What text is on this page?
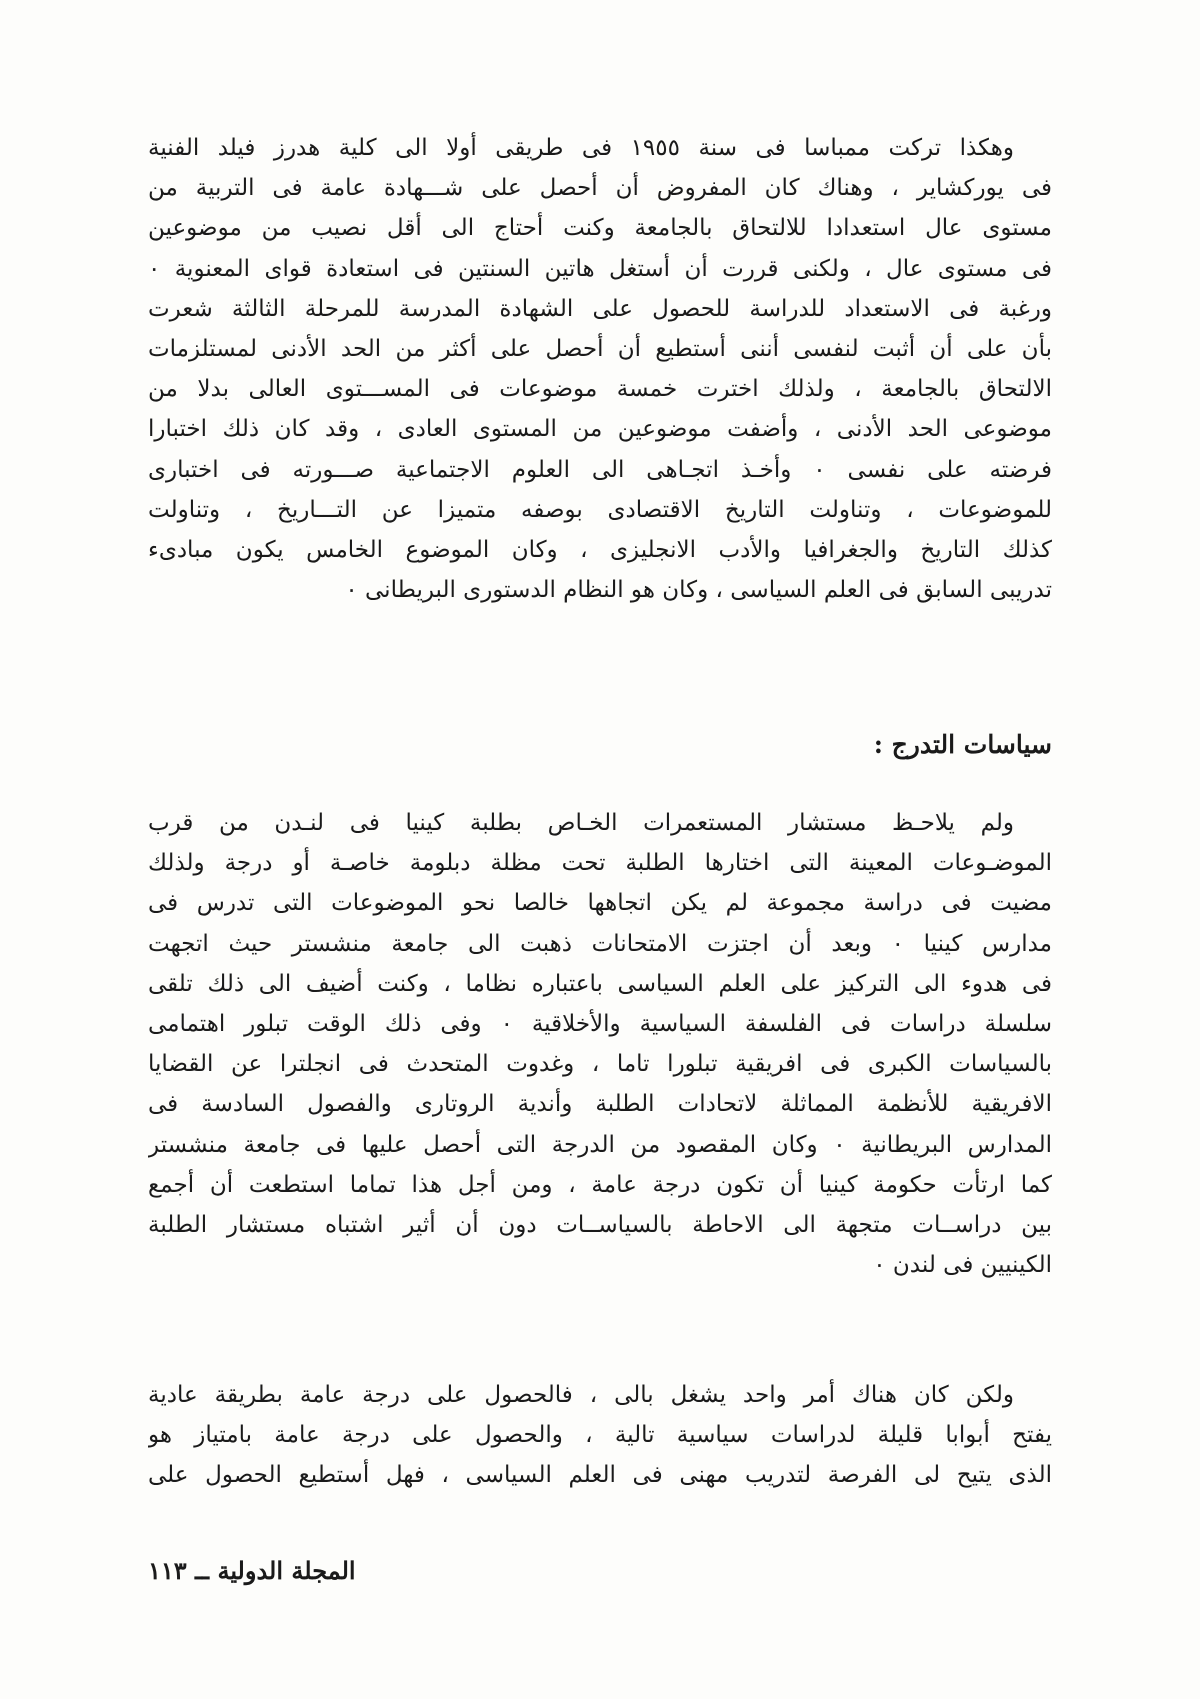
وهكذا تركت ممباسا فى سنة ١٩٥٥ فى طريقى أولا الى كلية هدرز فيلد الفنية
فى يوركشاير ، وهناك كان المفروض أن أحصل على شـــهادة عامة فى التربية من
مستوى عال استعدادا للالتحاق بالجامعة وكنت أحتاج الى أقل نصيب من موضوعين
فى مستوى عال ، ولكنى قررت أن أستغل هاتين السنتين فى استعادة قواى المعنوية ٠
ورغبة فى الاستعداد للدراسة للحصول على الشهادة المدرسة للمرحلة الثالثة شعرت
بأن على أن أثبت لنفسى أننى أستطيع أن أحصل على أكثر من الحد الأدنى لمستلزمات
الالتحاق بالجامعة ، ولذلك اخترت خمسة موضوعات فى المســـتوى العالى بدلا من
موضوعى الحد الأدنى ، وأضفت موضوعين من المستوى العادى ، وقد كان ذلك اختبارا
فرضته على نفسى ٠ وأخـذ اتجـاهى الى العلوم الاجتماعية صـــورته فى اختبارى
للموضوعات ، وتناولت التاريخ الاقتصادى بوصفه متميزا عن التـــاريخ ، وتناولت
كذلك التاريخ والجغرافيا والأدب الانجليزى ، وكان الموضوع الخامس يكون مبادىء
تدريبى السابق فى العلم السياسى ، وكان هو النظام الدستورى البريطانى ٠
سياسات التدرج :
ولم يلاحـظ مستشار المستعمرات الخـاص بطلبة كينيا فى لنـدن من قرب
الموضـوعات المعينة التى اختارها الطلبة تحت مظلة دبلومة خاصـة أو درجة ولذلك
مضيت فى دراسة مجموعة لم يكن اتجاهها خالصا نحو الموضوعات التى تدرس فى
مدارس كينيا ٠ وبعد أن اجتزت الامتحانات ذهبت الى جامعة منشستر حيث اتجهت
فى هدوء الى التركيز على العلم السياسى باعتباره نظاما ، وكنت أضيف الى ذلك تلقى
سلسلة دراسات فى الفلسفة السياسية والأخلاقية ٠ وفى ذلك الوقت تبلور اهتمامى
بالسياسات الكبرى فى افريقية تبلورا تاما ، وغدوت المتحدث فى انجلترا عن القضايا
الافريقية للأنظمة المماثلة لاتحادات الطلبة وأندية الروتارى والفصول السادسة فى
المدارس البريطانية ٠ وكان المقصود من الدرجة التى أحصل عليها فى جامعة منشستر
كما ارتأت حكومة كينيا أن تكون درجة عامة ، ومن أجل هذا تماما استطعت أن أجمع
بين دراســات متجهة الى الاحاطة بالسياســات دون أن أثير اشتباه مستشار الطلبة
الكينيين فى لندن ٠
ولكن كان هناك أمر واحد يشغل بالى ، فالحصول على درجة عامة بطريقة عادية
يفتح أبوابا قليلة لدراسات سياسية تالية ، والحصول على درجة عامة بامتياز هو
الذى يتيح لى الفرصة لتدريب مهنى فى العلم السياسى ، فهل أستطيع الحصول على
المجلة الدولية ــ ١١٣
